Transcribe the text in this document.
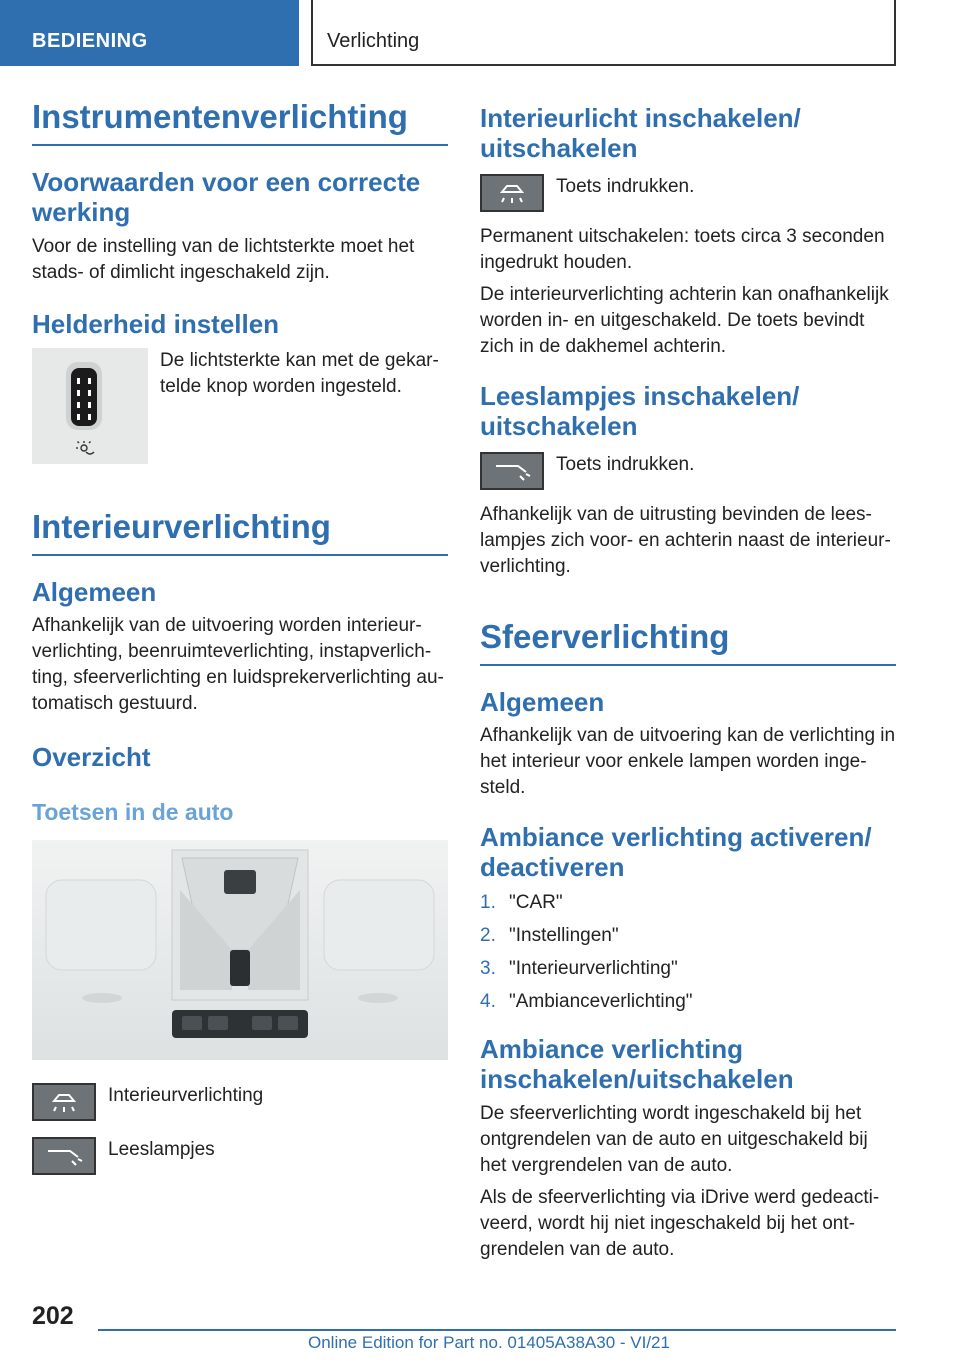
BEDIENING	Verlichting
Instrumentenverlichting
Voorwaarden voor een correcte werking

Voor de instelling van de lichtsterkte moet het stads- of dimlicht ingeschakeld zijn.

Helderheid instellen

De lichtsterkte kan met de gekartelde knop worden ingesteld.

Interieurverlichting
Algemeen

Afhankelijk van de uitvoering worden interieurverlichting, beenruimteverlichting, instapverlichting, sfeerverlichting en luidsprekerverlichting automatisch gestuurd.

Overzicht
Toetsen in de auto

Interieurverlichting

Leeslampjes

Interieurlicht inschakelen/ uitschakelen

Toets indrukken.

Permanent uitschakelen: toets circa 3 seconden ingedrukt houden.

De interieurverlichting achterin kan onafhankelijk worden in- en uitgeschakeld. De toets bevindt zich in de dakhemel achterin.

Leeslampjes inschakelen/ uitschakelen

Toets indrukken.

Afhankelijk van de uitrusting bevinden de leeslampjes zich voor- en achterin naast de interieurverlichting.

Sfeerverlichting
Algemeen

Afhankelijk van de uitvoering kan de verlichting in het interieur voor enkele lampen worden ingesteld.

Ambiance verlichting activeren/ deactiveren
1. "CAR"
2. "Instellingen"
3. "Interieurverlichting"
4. "Ambianceverlichting"
Ambiance verlichting inschakelen/uitschakelen

De sfeerverlichting wordt ingeschakeld bij het ontgrendelen van de auto en uitgeschakeld bij het vergrendelen van de auto.

Als de sfeerverlichting via iDrive werd gedeactiveerd, wordt hij niet ingeschakeld bij het ontgrendelen van de auto.

202
Online Edition for Part no. 01405A38A30 - VI/21
